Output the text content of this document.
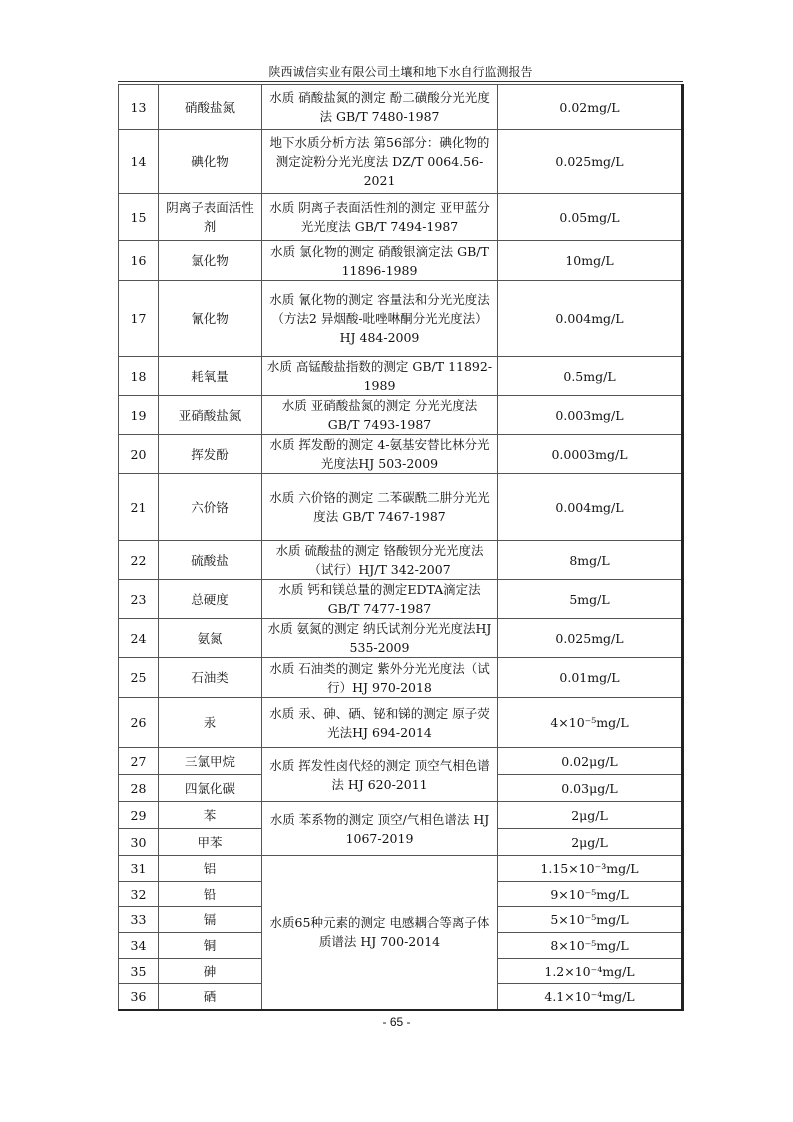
陕西诚信实业有限公司土壤和地下水自行监测报告
13	硝酸盐氮	水质 硝酸盐氮的测定 酚二磺酸分光光度法 GB/T 7480-1987	0.02mg/L
14	碘化物	地下水质分析方法 第56部分：碘化物的测定淀粉分光光度法 DZ/T 0064.56-2021	0.025mg/L
15	阴离子表面活性剂	水质 阴离子表面活性剂的测定 亚甲蓝分光光度法 GB/T 7494-1987	0.05mg/L
16	氯化物	水质 氯化物的测定 硝酸银滴定法 GB/T 11896-1989	10mg/L
17	氰化物	水质 氰化物的测定 容量法和分光光度法 （方法2 异烟酸-吡唑啉酮分光光度法） HJ 484-2009	0.004mg/L
18	耗氧量	水质 高锰酸盐指数的测定 GB/T 11892-1989	0.5mg/L
19	亚硝酸盐氮	水质 亚硝酸盐氮的测定 分光光度法 GB/T 7493-1987	0.003mg/L
20	挥发酚	水质 挥发酚的测定 4-氨基安替比林分光光度法HJ 503-2009	0.0003mg/L
21	六价铬	水质 六价铬的测定 二苯碳酰二肼分光光度法 GB/T 7467-1987	0.004mg/L
22	硫酸盐	水质 硫酸盐的测定 铬酸钡分光光度法（试行）HJ/T 342-2007	8mg/L
23	总硬度	水质 钙和镁总量的测定EDTA滴定法 GB/T 7477-1987	5mg/L
24	氨氮	水质 氨氮的测定 纳氏试剂分光光度法HJ 535-2009	0.025mg/L
25	石油类	水质 石油类的测定 紫外分光光度法（试行）HJ 970-2018	0.01mg/L
26	汞	水质 汞、砷、硒、铋和锑的测定 原子荧光法HJ 694-2014	4×10⁻⁵mg/L
27	三氯甲烷	水质 挥发性卤代烃的测定 顶空气相色谱法 HJ 620-2011	0.02μg/L
28	四氯化碳		0.03μg/L
29	苯	水质 苯系物的测定 顶空/气相色谱法 HJ 1067-2019	2μg/L
30	甲苯		2μg/L
31	铝	水质65种元素的测定 电感耦合等离子体质谱法 HJ 700-2014	1.15×10⁻³mg/L
32	铅		9×10⁻⁵mg/L
33	镉		5×10⁻⁵mg/L
34	铜		8×10⁻⁵mg/L
35	砷		1.2×10⁻⁴mg/L
36	硒		4.1×10⁻⁴mg/L
- 65 -
